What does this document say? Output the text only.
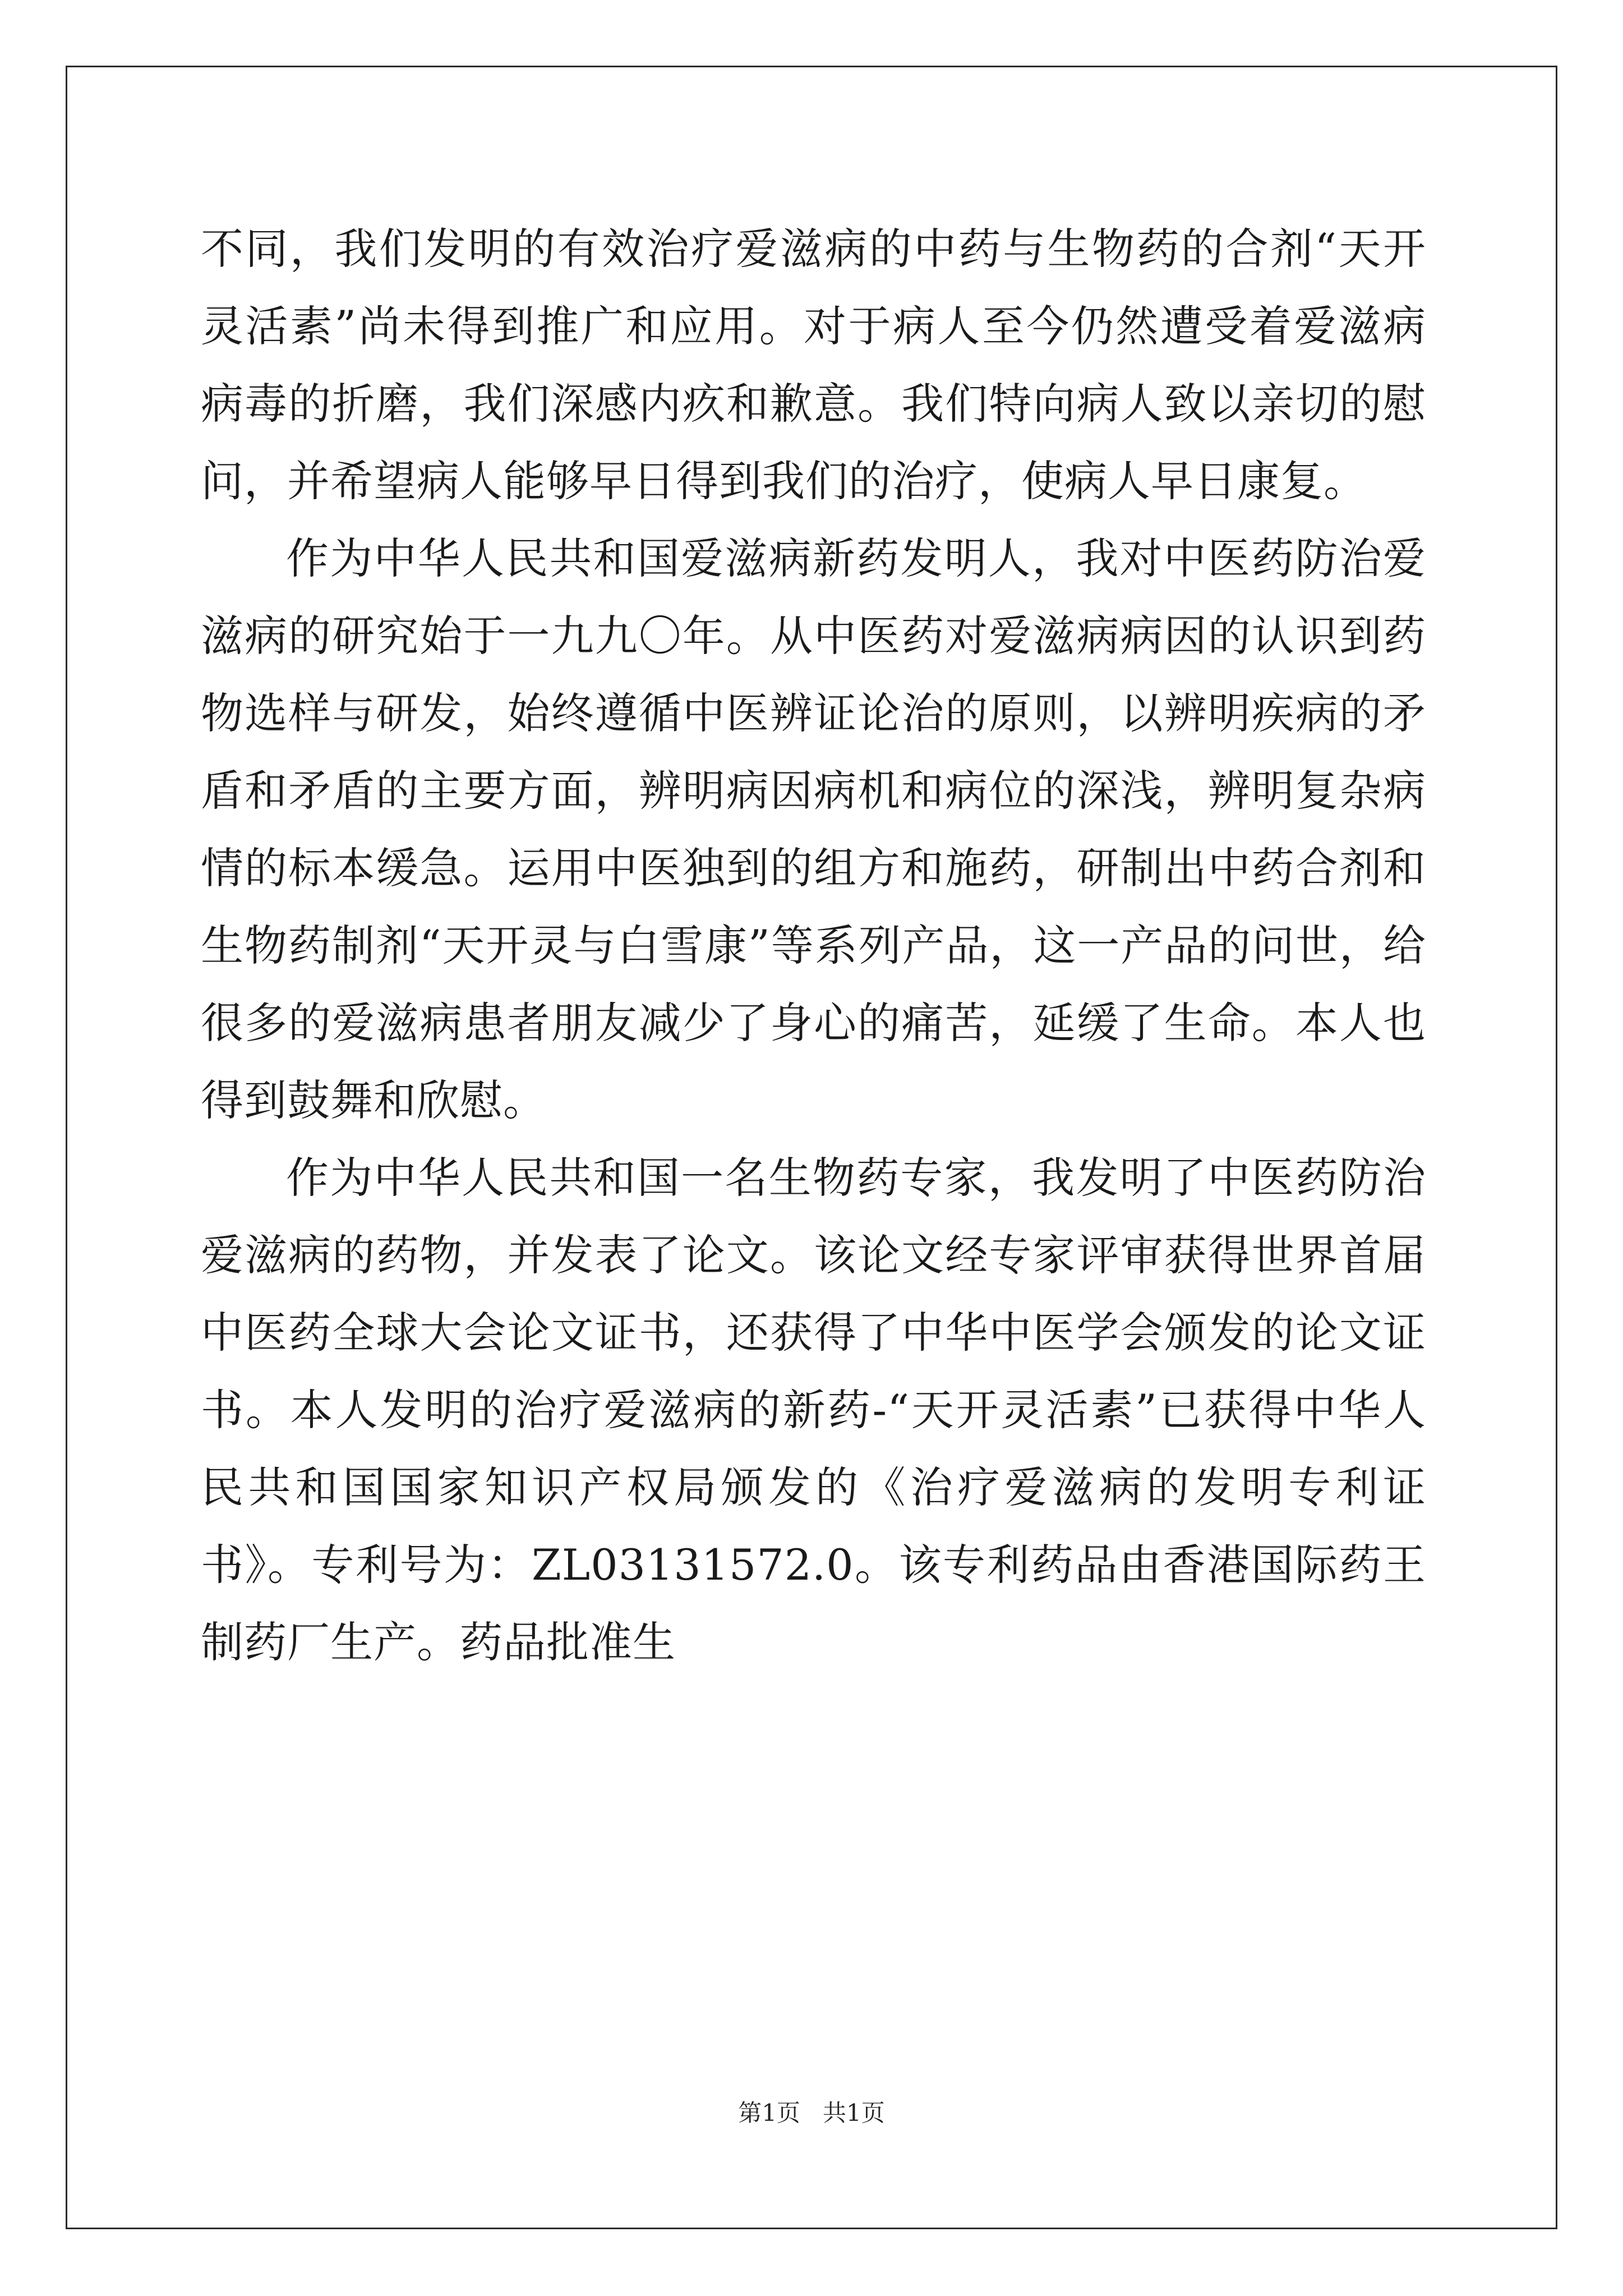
不同，我们发明的有效治疗爱滋病的中药与生物药的合剂“天开灵活素”尚未得到推广和应用。对于病人至今仍然遭受着爱滋病病毒的折磨，我们深感内疚和歉意。我们特向病人致以亲切的慰问，并希望病人能够早日得到我们的治疗，使病人早日康复。

作为中华人民共和国爱滋病新药发明人，我对中医药防治爱滋病的研究始于一九九〇年。从中医药对爱滋病病因的认识到药物选样与研发，始终遵循中医辨证论治的原则，以辨明疾病的矛盾和矛盾的主要方面，辨明病因病机和病位的深浅，辨明复杂病情的标本缓急。运用中医独到的组方和施药，研制出中药合剂和生物药制剂“天开灵与白雪康”等系列产品，这一产品的问世，给很多的爱滋病患者朋友减少了身心的痛苦，延缓了生命。本人也得到鼓舞和欣慰。

作为中华人民共和国一名生物药专家，我发明了中医药防治爱滋病的药物，并发表了论文。该论文经专家评审获得世界首届中医药全球大会论文证书，还获得了中华中医学会颁发的论文证书。本人发明的治疗爱滋病的新药-“天开灵活素”已获得中华人民共和国国家知识产权局颁发的《治疗爱滋病的发明专利证书》。专利号为：ZL03131572.0。该专利药品由香港国际药王制药厂生产。药品批准生

第1页 共1页
